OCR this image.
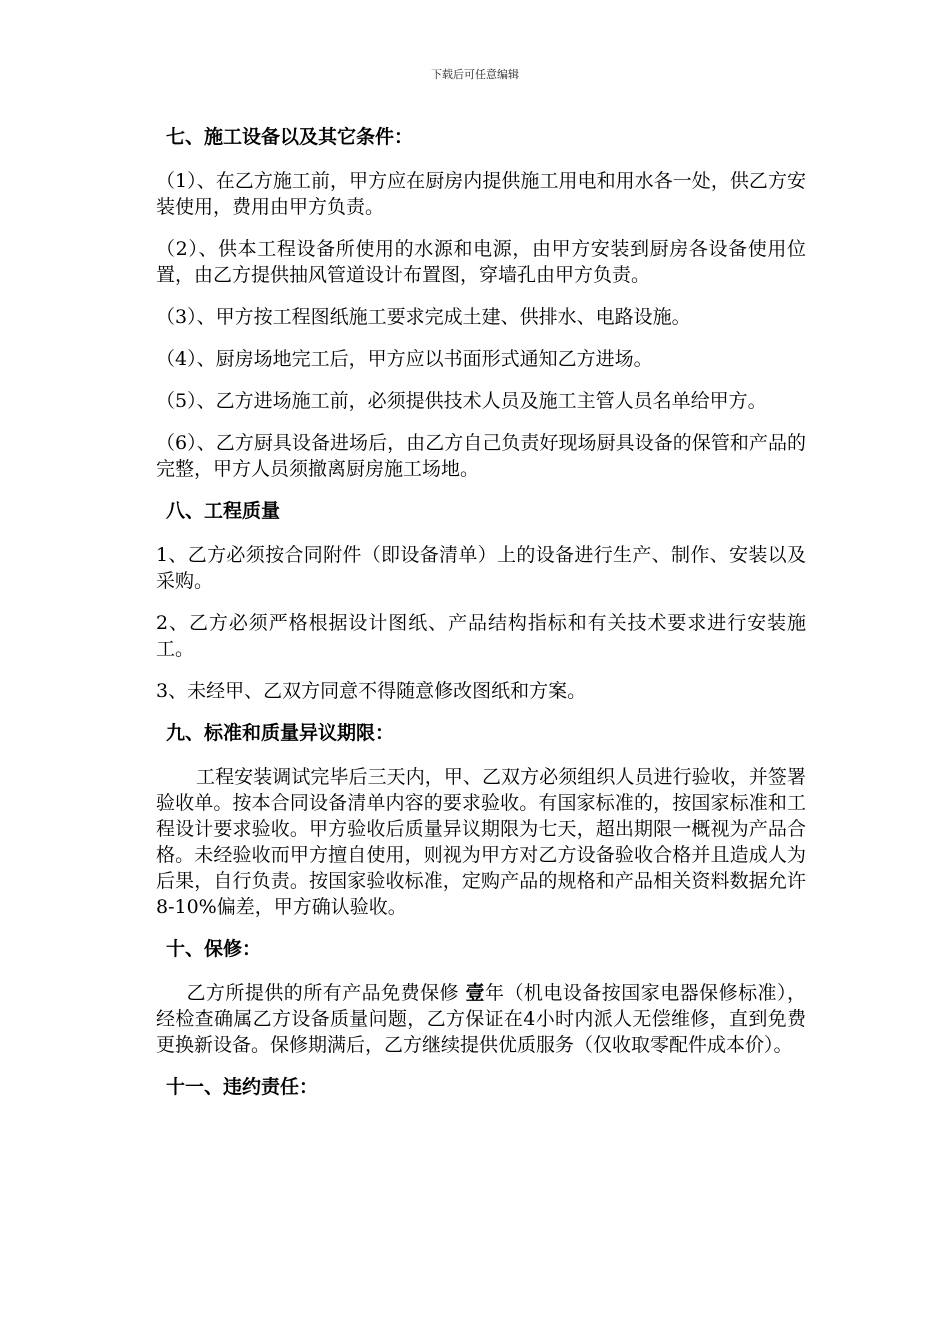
下载后可任意编辑
七、施工设备以及其它条件：
（1）、在乙方施工前，甲方应在厨房内提供施工用电和用水各一处，供乙方安装使用，费用由甲方负责。
（2）、供本工程设备所使用的水源和电源，由甲方安装到厨房各设备使用位置，由乙方提供抽风管道设计布置图，穿墙孔由甲方负责。
（3）、甲方按工程图纸施工要求完成土建、供排水、电路设施。
（4）、厨房场地完工后，甲方应以书面形式通知乙方进场。
（5）、乙方进场施工前，必须提供技术人员及施工主管人员名单给甲方。
（6）、乙方厨具设备进场后，由乙方自己负责好现场厨具设备的保管和产品的完整，甲方人员须撤离厨房施工场地。
八、工程质量
1、乙方必须按合同附件（即设备清单）上的设备进行生产、制作、安装以及采购。
2、乙方必须严格根据设计图纸、产品结构指标和有关技术要求进行安装施工。
3、未经甲、乙双方同意不得随意修改图纸和方案。
九、标准和质量异议期限：
工程安装调试完毕后三天内，甲、乙双方必须组织人员进行验收，并签署验收单。按本合同设备清单内容的要求验收。有国家标准的，按国家标准和工程设计要求验收。甲方验收后质量异议期限为七天，超出期限一概视为产品合格。未经验收而甲方擅自使用，则视为甲方对乙方设备验收合格并且造成人为后果，自行负责。按国家验收标准，定购产品的规格和产品相关资料数据允许8-10%偏差，甲方确认验收。
十、保修：
乙方所提供的所有产品免费保修 壹年（机电设备按国家电器保修标准），经检查确属乙方设备质量问题，乙方保证在4小时内派人无偿维修，直到免费更换新设备。保修期满后，乙方继续提供优质服务（仅收取零配件成本价）。
十一、违约责任：
